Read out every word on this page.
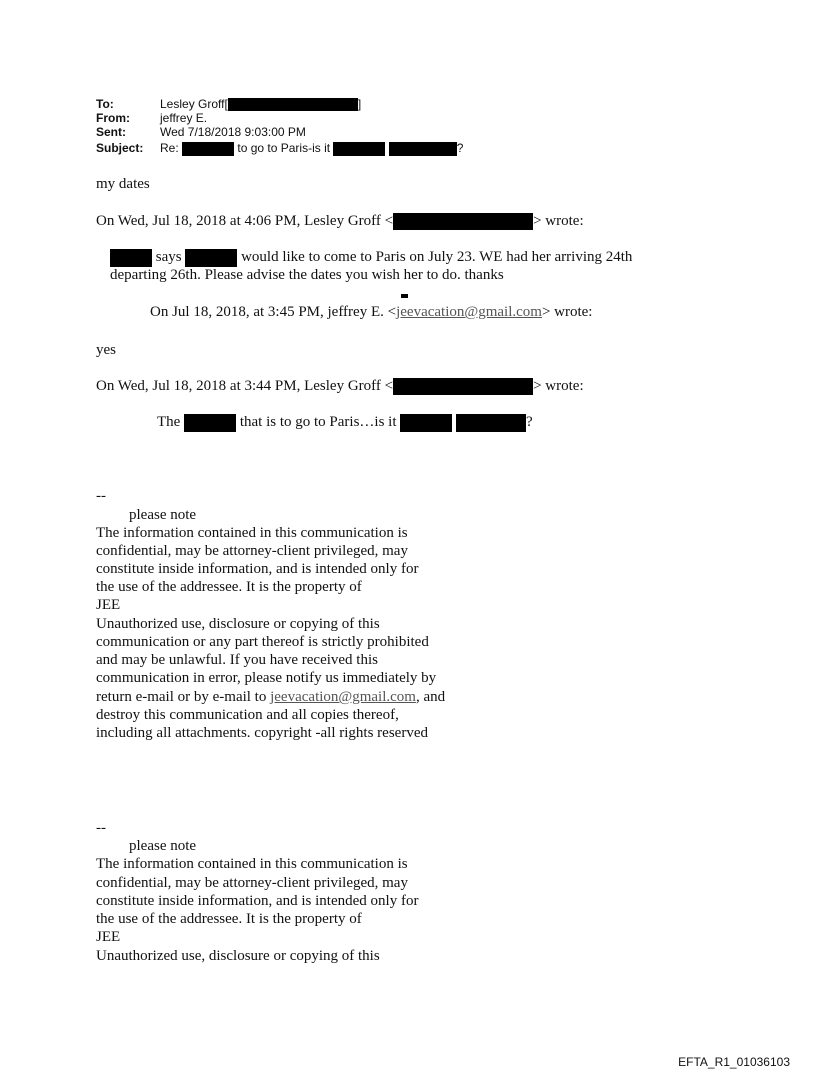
To:	Lesley Groff[	]
From:	jeffrey E.
Sent:	Wed 7/18/2018 9:03:00 PM
Subject: Re:	to go to Paris-is it	?
my dates
On Wed, Jul 18, 2018 at 4:06 PM, Lesley Groff <	> wrote:
says	would like to come to Paris on July 23. WE had her arriving 24th
departing 26th. Please advise the dates you wish her to do. thanks
On Jul 18, 2018, at 3:45 PM, jeffrey E. <jeevacation@gmail.com> wrote:
yes
On Wed, Jul 18, 2018 at 3:44 PM, Lesley Groff <	> wrote:
The	that is to go to Paris…is it	?
--
please note
The information contained in this communication is
confidential, may be attorney-client privileged, may
constitute inside information, and is intended only for
the use of the addressee. It is the property of
JEE
Unauthorized use, disclosure or copying of this
communication or any part thereof is strictly prohibited
and may be unlawful. If you have received this
communication in error, please notify us immediately by
return e-mail or by e-mail to jeevacation@gmail.com, and
destroy this communication and all copies thereof,
including all attachments. copyright -all rights reserved
--
please note
The information contained in this communication is
confidential, may be attorney-client privileged, may
constitute inside information, and is intended only for
the use of the addressee. It is the property of
JEE
Unauthorized use, disclosure or copying of this
EFTA_R1_01036103
